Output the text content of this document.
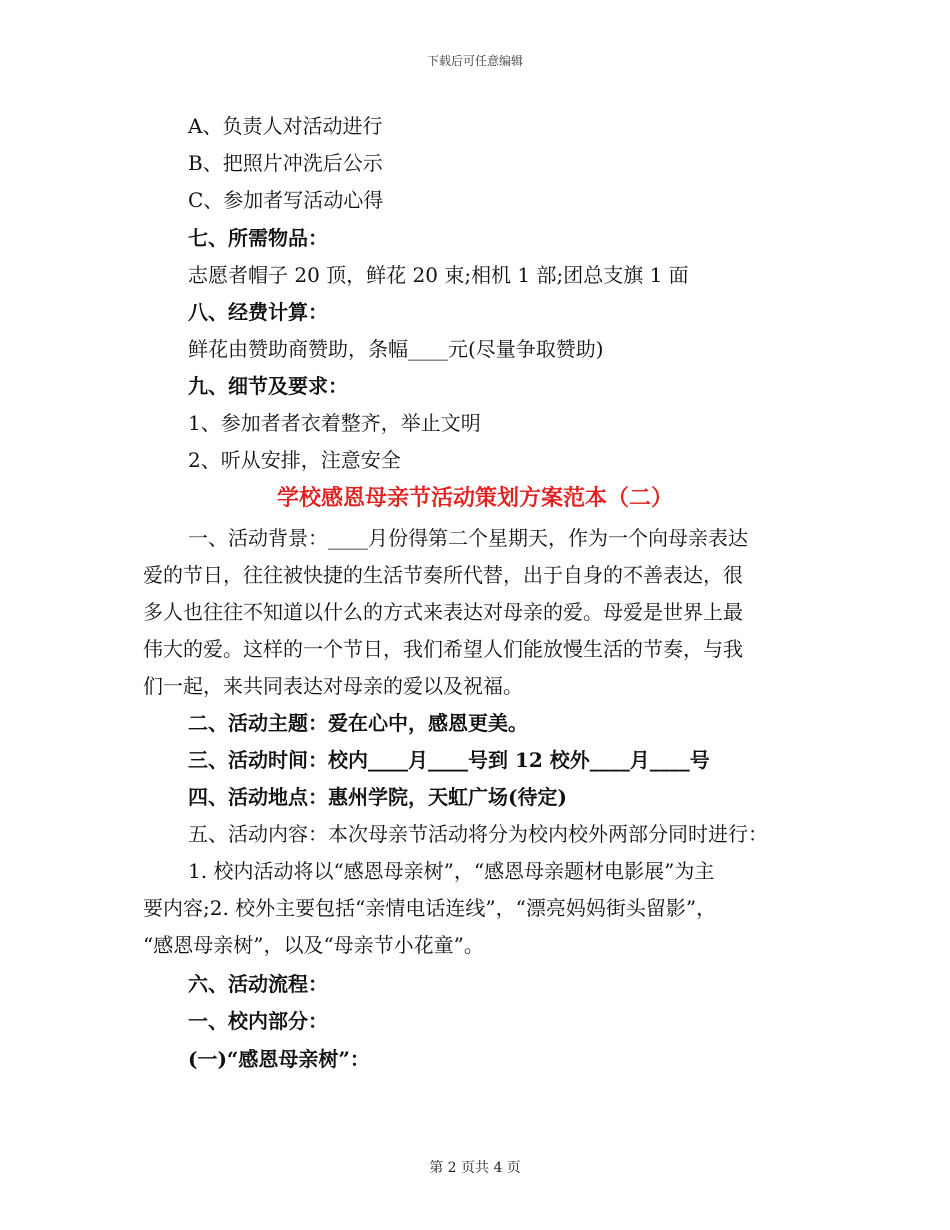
下载后可任意编辑
A、负责人对活动进行
B、把照片冲洗后公示
C、参加者写活动心得
七、所需物品：
志愿者帽子 20 顶，鲜花 20 束;相机 1 部;团总支旗 1 面
八、经费计算：
鲜花由赞助商赞助，条幅____元(尽量争取赞助)
九、细节及要求：
1、参加者者衣着整齐，举止文明
2、听从安排，注意安全
学校感恩母亲节活动策划方案范本（二）
一、活动背景：____月份得第二个星期天，作为一个向母亲表达
爱的节日，往往被快捷的生活节奏所代替，出于自身的不善表达，很
多人也往往不知道以什么的方式来表达对母亲的爱。母爱是世界上最
伟大的爱。这样的一个节日，我们希望人们能放慢生活的节奏，与我
们一起，来共同表达对母亲的爱以及祝福。
二、活动主题：爱在心中，感恩更美。
三、活动时间：校内____月____号到 12 校外____月____号
四、活动地点：惠州学院，天虹广场(待定)
五、活动内容：本次母亲节活动将分为校内校外两部分同时进行：
1. 校内活动将以“感恩母亲树”，“感恩母亲题材电影展”为主
要内容;2. 校外主要包括“亲情电话连线”，“漂亮妈妈街头留影”，
“感恩母亲树”，以及“母亲节小花童”。
六、活动流程：
一、校内部分：
(一)“感恩母亲树”：
第 2 页共 4 页
